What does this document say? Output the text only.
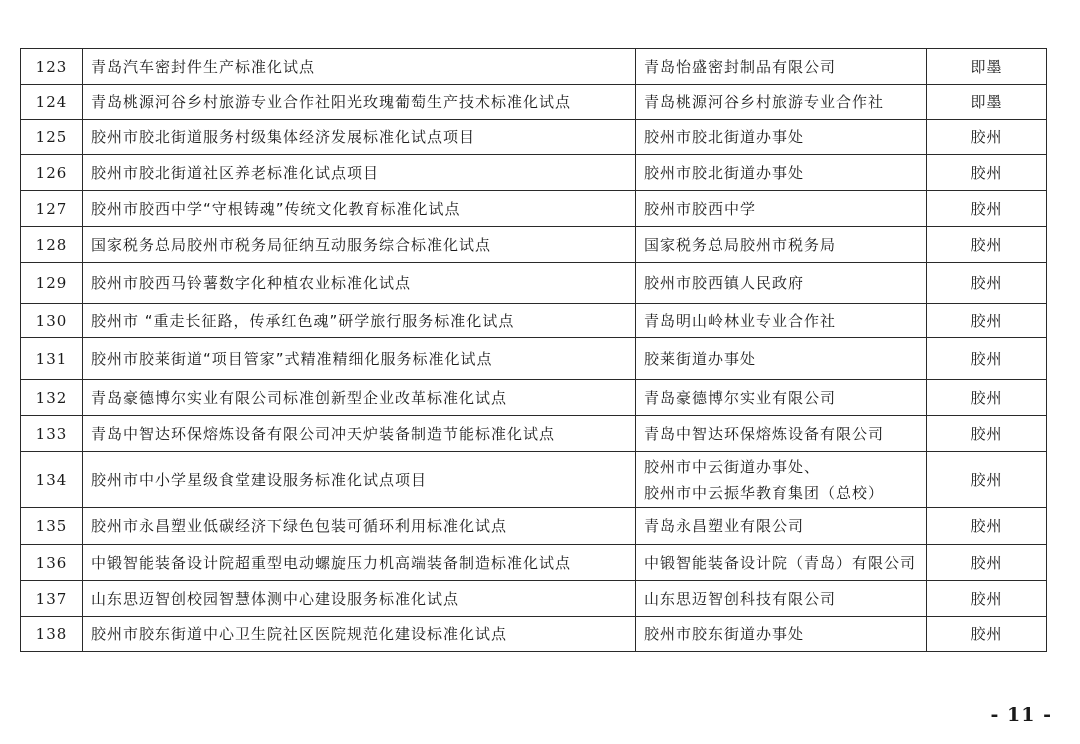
123	青岛汽车密封件生产标准化试点	青岛怡盛密封制品有限公司	即墨
124	青岛桃源河谷乡村旅游专业合作社阳光玫瑰葡萄生产技术标准化试点	青岛桃源河谷乡村旅游专业合作社	即墨
125	胶州市胶北街道服务村级集体经济发展标准化试点项目	胶州市胶北街道办事处	胶州
126	胶州市胶北街道社区养老标准化试点项目	胶州市胶北街道办事处	胶州
127	胶州市胶西中学“守根铸魂”传统文化教育标准化试点	胶州市胶西中学	胶州
128	国家税务总局胶州市税务局征纳互动服务综合标准化试点	国家税务总局胶州市税务局	胶州
129	胶州市胶西马铃薯数字化种植农业标准化试点	胶州市胶西镇人民政府	胶州
130	胶州市 “重走长征路，传承红色魂”研学旅行服务标准化试点	青岛明山岭林业专业合作社	胶州
131	胶州市胶莱街道“项目管家”式精准精细化服务标准化试点	胶莱街道办事处	胶州
132	青岛豪德博尔实业有限公司标准创新型企业改革标准化试点	青岛豪德博尔实业有限公司	胶州
133	青岛中智达环保熔炼设备有限公司冲天炉装备制造节能标准化试点	青岛中智达环保熔炼设备有限公司	胶州
134	胶州市中小学星级食堂建设服务标准化试点项目	胶州市中云街道办事处、
胶州市中云振华教育集团（总校）	胶州
135	胶州市永昌塑业低碳经济下绿色包装可循环利用标准化试点	青岛永昌塑业有限公司	胶州
136	中锻智能装备设计院超重型电动螺旋压力机高端装备制造标准化试点	中锻智能装备设计院（青岛）有限公司	胶州
137	山东思迈智创校园智慧体测中心建设服务标准化试点	山东思迈智创科技有限公司	胶州
138	胶州市胶东街道中心卫生院社区医院规范化建设标准化试点	胶州市胶东街道办事处	胶州
- 11 -
